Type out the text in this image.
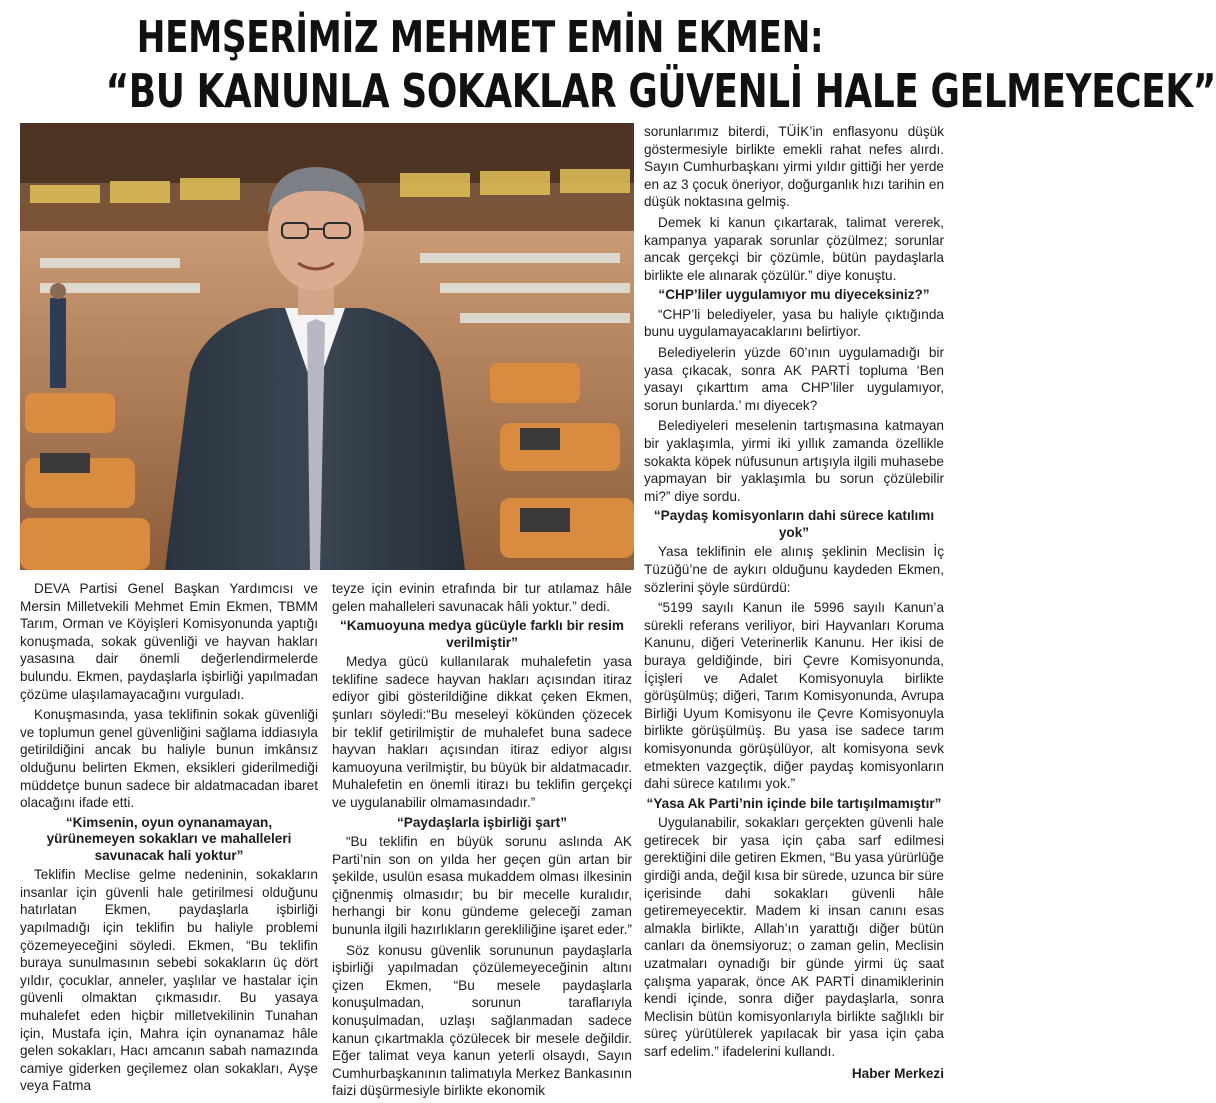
HEMŞERİMİZ MEHMET EMİN EKMEN:
“BU KANUNLA SOKAKLAR GÜVENLİ HALE GELMEYECEK”

DEVA Partisi Genel Başkan Yardımcısı ve Mersin Milletvekili Mehmet Emin Ekmen, TBMM Tarım, Orman ve Köyişleri Komisyonunda yaptığı konuşmada, sokak güvenliği ve hayvan hakları yasasına dair önemli değerlendirmelerde bulundu. Ekmen, paydaşlarla işbirliği yapılmadan çözüme ulaşılamayacağını vurguladı.

Konuşmasında, yasa teklifinin sokak güvenliği ve toplumun genel güvenliğini sağlama iddiasıyla getirildiğini ancak bu haliyle bunun imkânsız olduğunu belirten Ekmen, eksikleri giderilmediği müddetçe bunun sadece bir aldatmacadan ibaret olacağını ifade etti.

“Kimsenin, oyun oynanamayan, yürünemeyen sokakları ve mahalleleri savunacak hali yoktur”

Teklifin Meclise gelme nedeninin, sokakların insanlar için güvenli hale getirilmesi olduğunu hatırlatan Ekmen, paydaşlarla işbirliği yapılmadığı için teklifin bu haliyle problemi çözemeyeceğini söyledi. Ekmen, “Bu teklifin buraya sunulmasının sebebi sokakların üç dört yıldır, çocuklar, anneler, yaşlılar ve hastalar için güvenli olmaktan çıkmasıdır. Bu yasaya muhalefet eden hiçbir milletvekilinin Tunahan için, Mustafa için, Mahra için oynanamaz hâle gelen sokakları, Hacı amcanın sabah namazında camiye giderken geçilemez olan sokakları, Ayşe veya Fatma

teyze için evinin etrafında bir tur atılamaz hâle gelen mahalleleri savunacak hâli yoktur.” dedi.

“Kamuoyuna medya gücüyle farklı bir resim verilmiştir”

Medya gücü kullanılarak muhalefetin yasa teklifine sadece hayvan hakları açısından itiraz ediyor gibi gösterildiğine dikkat çeken Ekmen, şunları söyledi:“Bu meseleyi kökünden çözecek bir teklif getirilmiştir de muhalefet buna sadece hayvan hakları açısından itiraz ediyor algısı kamuoyuna verilmiştir, bu büyük bir aldatmacadır. Muhalefetin en önemli itirazı bu teklifin gerçekçi ve uygulanabilir olmamasındadır.”

“Paydaşlarla işbirliği şart”

“Bu teklifin en büyük sorunu aslında AK Parti’nin son on yılda her geçen gün artan bir şekilde, usulün esasa mukaddem olması ilkesinin çiğnenmiş olmasıdır; bu bir mecelle kuralıdır, herhangi bir konu gündeme geleceği zaman bununla ilgili hazırlıkların gerekliliğine işaret eder.”

Söz konusu güvenlik sorununun paydaşlarla işbirliği yapılmadan çözülemeyeceğinin altını çizen Ekmen, “Bu mesele paydaşlarla konuşulmadan, sorunun taraflarıyla konuşulmadan, uzlaşı sağlanmadan sadece kanun çıkartmakla çözülecek bir mesele değildir. Eğer talimat veya kanun yeterli olsaydı, Sayın Cumhurbaşkanının talimatıyla Merkez Bankasının faizi düşürmesiyle birlikte ekonomik

sorunlarımız biterdi, TÜİK’in enflasyonu düşük göstermesiyle birlikte emekli rahat nefes alırdı. Sayın Cumhurbaşkanı yirmi yıldır gittiği her yerde en az 3 çocuk öneriyor, doğurganlık hızı tarihin en düşük noktasına gelmiş.

Demek ki kanun çıkartarak, talimat vererek, kampanya yaparak sorunlar çözülmez; sorunlar ancak gerçekçi bir çözümle, bütün paydaşlarla birlikte ele alınarak çözülür.” diye konuştu.

“CHP’liler uygulamıyor mu diyeceksiniz?”

“CHP’li belediyeler, yasa bu haliyle çıktığında bunu uygulamayacaklarını belirtiyor.

Belediyelerin yüzde 60’ının uygulamadığı bir yasa çıkacak, sonra AK PARTİ topluma ‘Ben yasayı çıkarttım ama CHP’liler uygulamıyor, sorun bunlarda.’ mı diyecek?

Belediyeleri meselenin tartışmasına katmayan bir yaklaşımla, yirmi iki yıllık zamanda özellikle sokakta köpek nüfusunun artışıyla ilgili muhasebe yapmayan bir yaklaşımla bu sorun çözülebilir mi?” diye sordu.

“Paydaş komisyonların dahi sürece katılımı yok”

Yasa teklifinin ele alınış şeklinin Meclisin İç Tüzüğü’ne de aykırı olduğunu kaydeden Ekmen, sözlerini şöyle sürdürdü:

“5199 sayılı Kanun ile 5996 sayılı Kanun’a sürekli referans veriliyor, biri Hayvanları Koruma Kanunu, diğeri Veterinerlik Kanunu. Her ikisi de buraya geldiğinde, biri Çevre Komisyonunda, İçişleri ve Adalet Komisyonuyla birlikte görüşülmüş; diğeri, Tarım Komisyonunda, Avrupa Birliği Uyum Komisyonu ile Çevre Komisyonuyla birlikte görüşülmüş. Bu yasa ise sadece tarım komisyonunda görüşülüyor, alt komisyona sevk etmekten vazgeçtik, diğer paydaş komisyonların dahi sürece katılımı yok.”

“Yasa Ak Parti’nin içinde bile tartışılmamıştır”

Uygulanabilir, sokakları gerçekten güvenli hale getirecek bir yasa için çaba sarf edilmesi gerektiğini dile getiren Ekmen, “Bu yasa yürürlüğe girdiği anda, değil kısa bir sürede, uzunca bir süre içerisinde dahi sokakları güvenli hâle getiremeyecektir. Madem ki insan canını esas almakla birlikte, Allah’ın yarattığı diğer bütün canları da önemsiyoruz; o zaman gelin, Meclisin uzatmaları oynadığı bir günde yirmi üç saat çalışma yaparak, önce AK PARTİ dinamiklerinin kendi içinde, sonra diğer paydaşlarla, sonra Meclisin bütün komisyonlarıyla birlikte sağlıklı bir süreç yürütülerek yapılacak bir yasa için çaba sarf edelim.” ifadelerini kullandı.

Haber Merkezi
